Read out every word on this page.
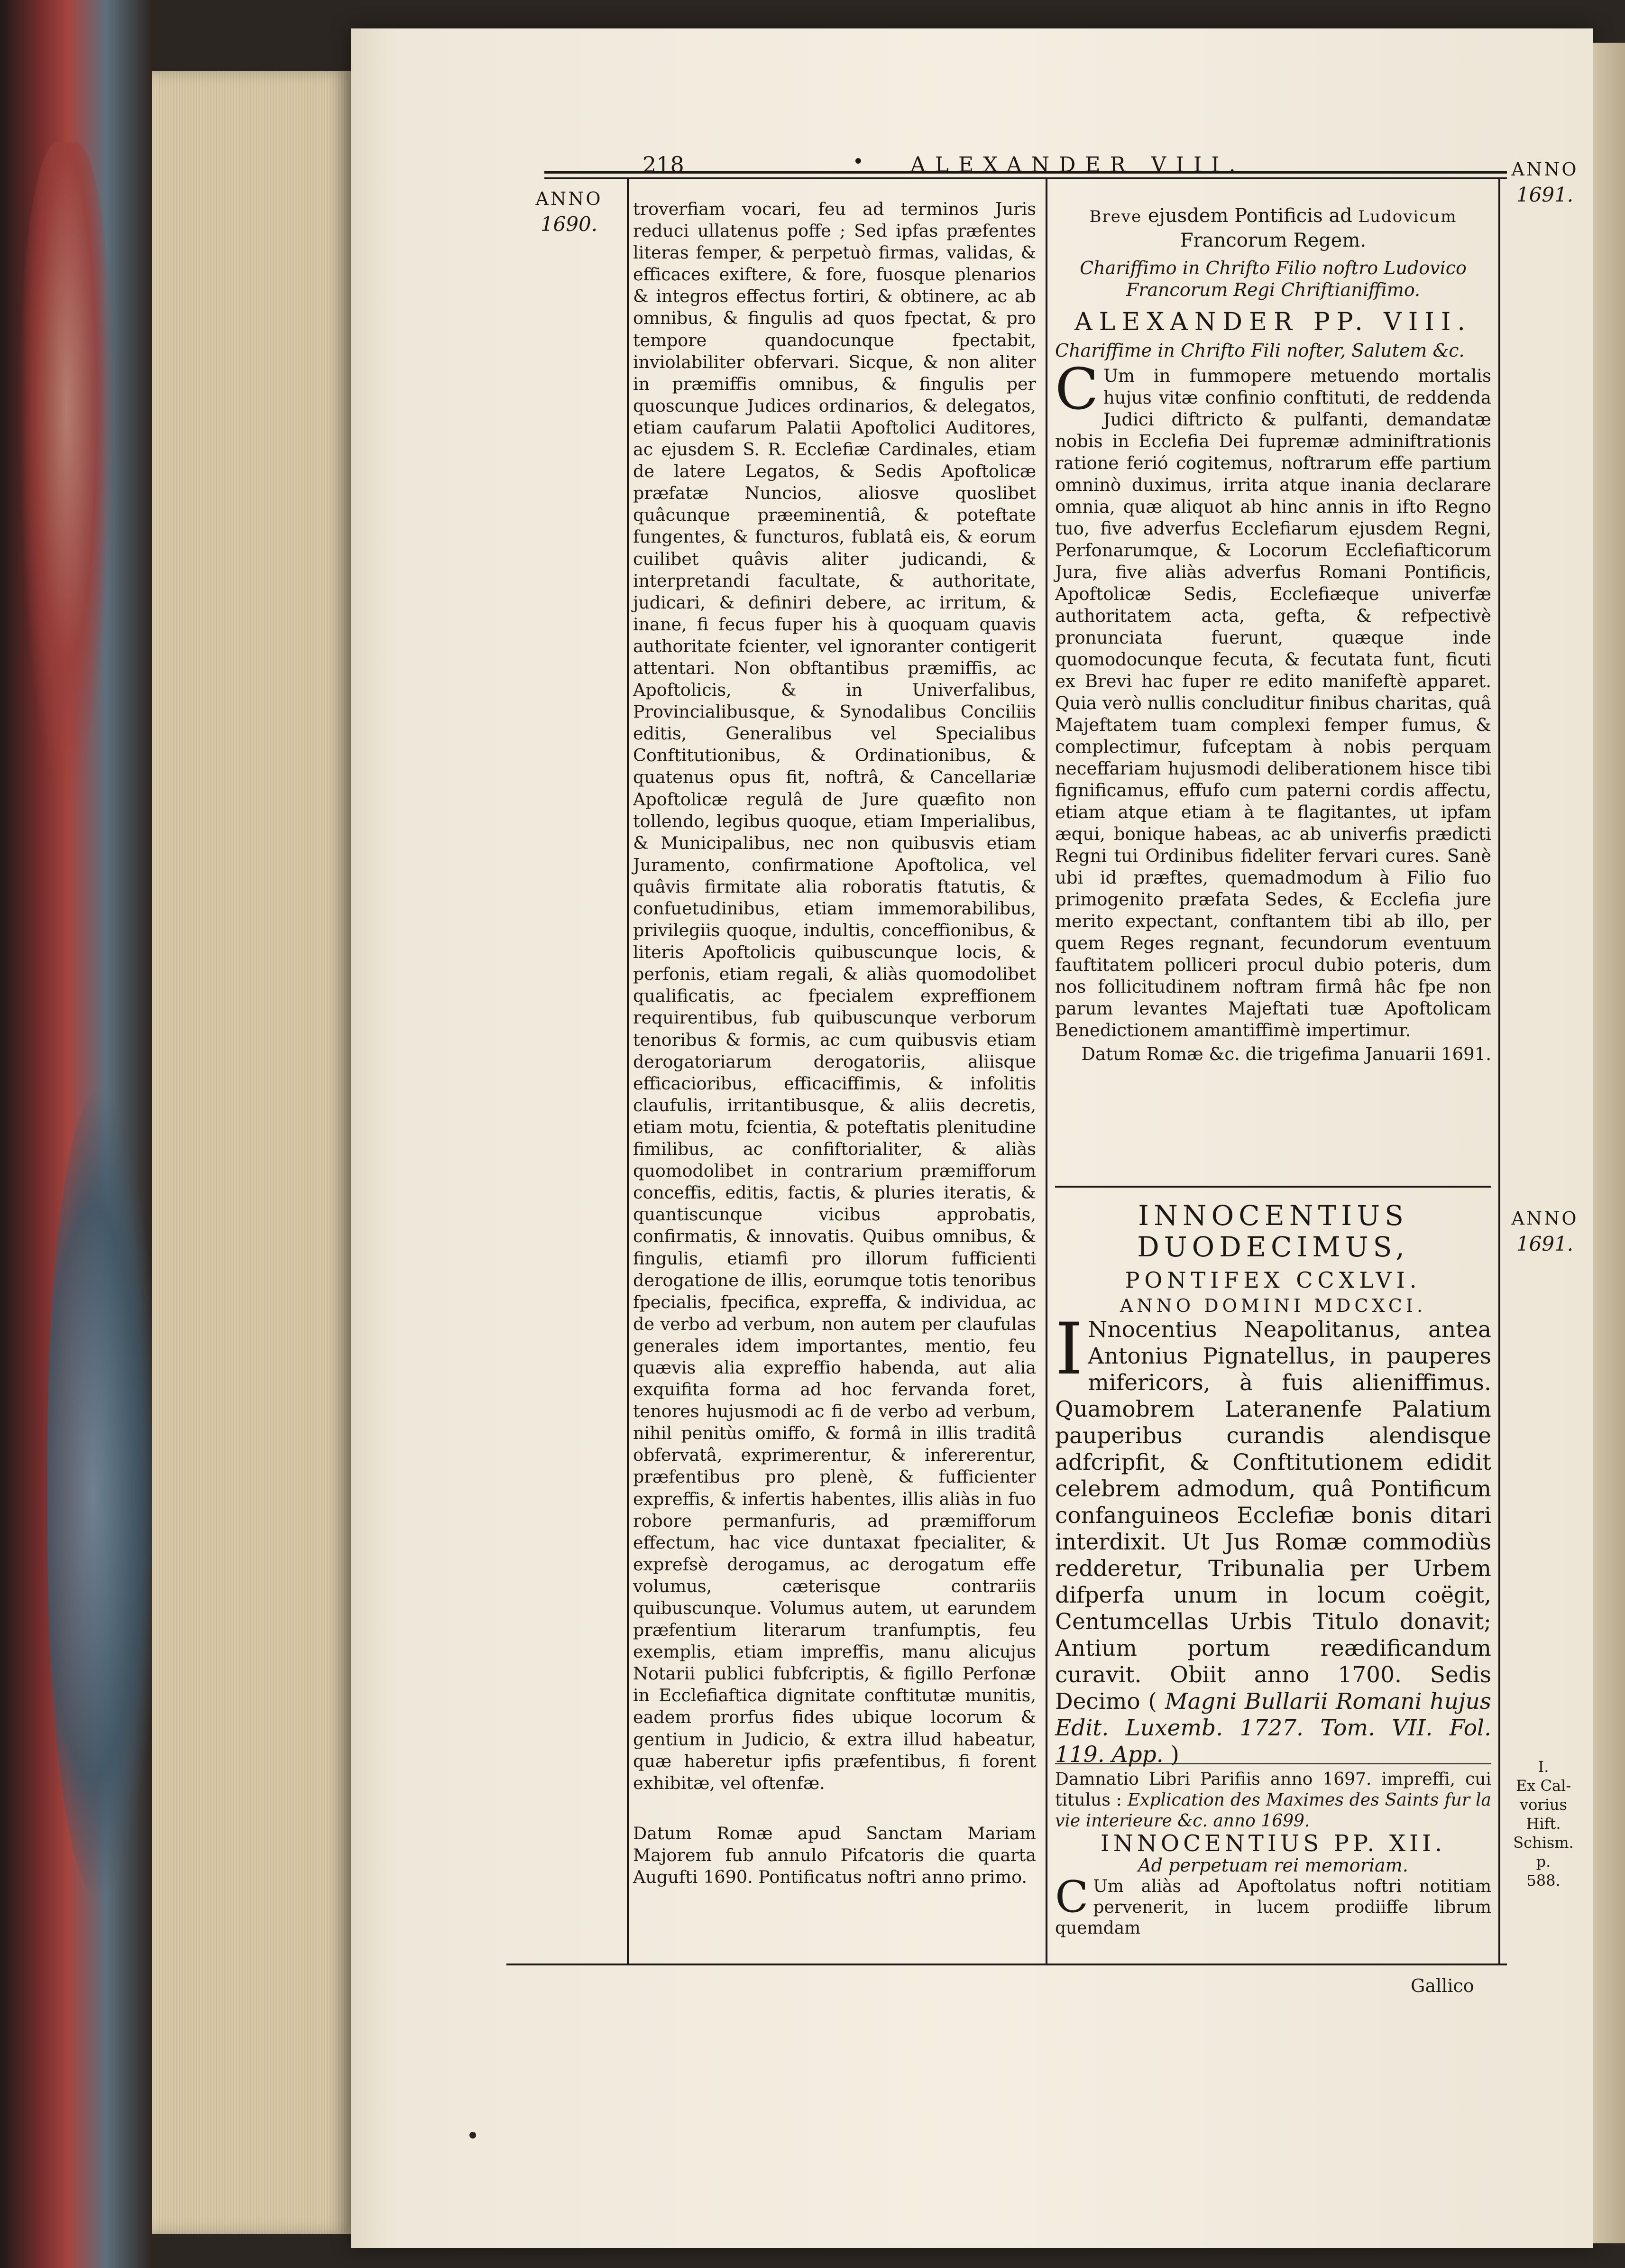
218	• ALEXANDER VIII.
ANNO
1690.
ANNO
1691.
ANNO
1691.
I.
Ex Cal-
vorius
Hift.
Schism. p.
588.

troverfiam vocari, feu ad terminos Juris reduci ullatenus poffe ; Sed ipfas præfentes literas femper, & perpetuò firmas, validas, & efficaces exiftere, & fore, fuosque plenarios & integros effectus fortiri, & obtinere, ac ab omnibus, & fingulis ad quos fpectat, & pro tempore quandocunque fpectabit, inviolabiliter obfervari. Sicque, & non aliter in præmiffis omnibus, & fingulis per quoscunque Judices ordinarios, & delegatos, etiam caufarum Palatii Apoftolici Auditores, ac ejusdem S. R. Ecclefiæ Cardinales, etiam de latere Legatos, & Sedis Apoftolicæ præfatæ Nuncios, aliosve quoslibet quâcunque præeminentiâ, & poteftate fungentes, & functuros, fublatâ eis, & eorum cuilibet quâvis aliter judicandi, & interpretandi facultate, & authoritate, judicari, & definiri debere, ac irritum, & inane, fi fecus fuper his à quoquam quavis authoritate fcienter, vel ignoranter contigerit attentari. Non obftantibus præmiffis, ac Apoftolicis, & in Univerfalibus, Provincialibusque, & Synodalibus Conciliis editis, Generalibus vel Specialibus Conftitutionibus, & Ordinationibus, & quatenus opus fit, noftrâ, & Cancellariæ Apoftolicæ regulâ de Jure quæfito non tollendo, legibus quoque, etiam Imperialibus, & Municipalibus, nec non quibusvis etiam Juramento, confirmatione Apoftolica, vel quâvis firmitate alia roboratis ftatutis, & confuetudinibus, etiam immemorabilibus, privilegiis quoque, indultis, conceffionibus, & literis Apoftolicis quibuscunque locis, & perfonis, etiam regali, & aliàs quomodolibet qualificatis, ac fpecialem expreffionem requirentibus, fub quibuscunque verborum tenoribus & formis, ac cum quibusvis etiam derogatoriarum derogatoriis, aliisque efficacioribus, efficaciffimis, & infolitis claufulis, irritantibusque, & aliis decretis, etiam motu, fcientia, & poteftatis plenitudine fimilibus, ac confiftorialiter, & aliàs quomodolibet in contrarium præmifforum conceffis, editis, factis, & pluries iteratis, & quantiscunque vicibus approbatis, confirmatis, & innovatis. Quibus omnibus, & fingulis, etiamfi pro illorum fufficienti derogatione de illis, eorumque totis tenoribus fpecialis, fpecifica, expreffa, & individua, ac de verbo ad verbum, non autem per claufulas generales idem importantes, mentio, feu quævis alia expreffio habenda, aut alia exquifita forma ad hoc fervanda foret, tenores hujusmodi ac fi de verbo ad verbum, nihil penitùs omiffo, & formâ in illis traditâ obfervatâ, exprimerentur, & infererentur, præfentibus pro plenè, & fufficienter expreffis, & infertis habentes, illis aliàs in fuo robore permanfuris, ad præmifforum effectum, hac vice duntaxat fpecialiter, & exprefsè derogamus, ac derogatum effe volumus, cæterisque contrariis quibuscunque. Volumus autem, ut earundem præfentium literarum tranfumptis, feu exemplis, etiam impreffis, manu alicujus Notarii publici fubfcriptis, & figillo Perfonæ in Ecclefiaftica dignitate conftitutæ munitis, eadem prorfus fides ubique locorum & gentium in Judicio, & extra illud habeatur, quæ haberetur ipfis præfentibus, fi forent exhibitæ, vel oftenfæ.

Datum Romæ apud Sanctam Mariam Majorem fub annulo Pifcatoris die quarta Augufti 1690. Pontificatus noftri anno primo.

Breve ejusdem Pontificis ad Ludovicum Francorum Regem.

Chariffimo in Chrifto Filio noftro Ludovico Francorum Regi Chriftianiffimo.

ALEXANDER PP. VIII.

Chariffime in Chrifto Fili nofter, Salutem &c.

C Um in fummopere metuendo mortalis hujus vitæ confinio conftituti, de reddenda Judici diftricto & pulfanti, demandatæ nobis in Ecclefia Dei fupremæ adminiftrationis ratione ferió cogitemus, noftrarum effe partium omninò duximus, irrita atque inania declarare omnia, quæ aliquot ab hinc annis in ifto Regno tuo, five adverfus Ecclefiarum ejusdem Regni, Perfonarumque, & Locorum Ecclefiafticorum Jura, five aliàs adverfus Romani Pontificis, Apoftolicæ Sedis, Ecclefiæque univerfæ authoritatem acta, gefta, & refpectivè pronunciata fuerunt, quæque inde quomodocunque fecuta, & fecutata funt, ficuti ex Brevi hac fuper re edito manifeftè apparet. Quia verò nullis concluditur finibus charitas, quâ Majeftatem tuam complexi femper fumus, & complectimur, fufceptam à nobis perquam neceffariam hujusmodi deliberationem hisce tibi fignificamus, effufo cum paterni cordis affectu, etiam atque etiam à te flagitantes, ut ipfam æqui, bonique habeas, ac ab univerfis prædicti Regni tui Ordinibus fideliter fervari cures. Sanè ubi id præftes, quemadmodum à Filio fuo primogenito præfata Sedes, & Ecclefia jure merito expectant, conftantem tibi ab illo, per quem Reges regnant, fecundorum eventuum fauftitatem polliceri procul dubio poteris, dum nos follicitudinem noftram firmâ hâc fpe non parum levantes Majeftati tuæ Apoftolicam Benedictionem amantiffimè impertimur.

Datum Romæ &c. die trigefima Januarii 1691.

INNOCENTIUS DUODECIMUS,

PONTIFEX CCXLVI.

ANNO DOMINI MDCXCI.

I Nnocentius Neapolitanus, antea Antonius Pignatellus, in pauperes mifericors, à fuis alieniffimus. Quamobrem Lateranenfe Palatium pauperibus curandis alendisque adfcripfit, & Conftitutionem edidit celebrem admodum, quâ Pontificum confanguineos Ecclefiæ bonis ditari interdixit. Ut Jus Romæ commodiùs redderetur, Tribunalia per Urbem difperfa unum in locum coëgit, Centumcellas Urbis Titulo donavit; Antium portum reædificandum curavit. Obiit anno 1700. Sedis Decimo ( Magni Bullarii Romani hujus Edit. Luxemb. 1727. Tom. VII. Fol. 119. App. )

Damnatio Libri Parifiis anno 1697. impreffi, cui titulus : Explication des Maximes des Saints fur la vie interieure &c. anno 1699.

INNOCENTIUS PP. XII.

Ad perpetuam rei memoriam.

C Um aliàs ad Apoftolatus noftri notitiam pervenerit, in lucem prodiiffe librum quemdam

Gallico
